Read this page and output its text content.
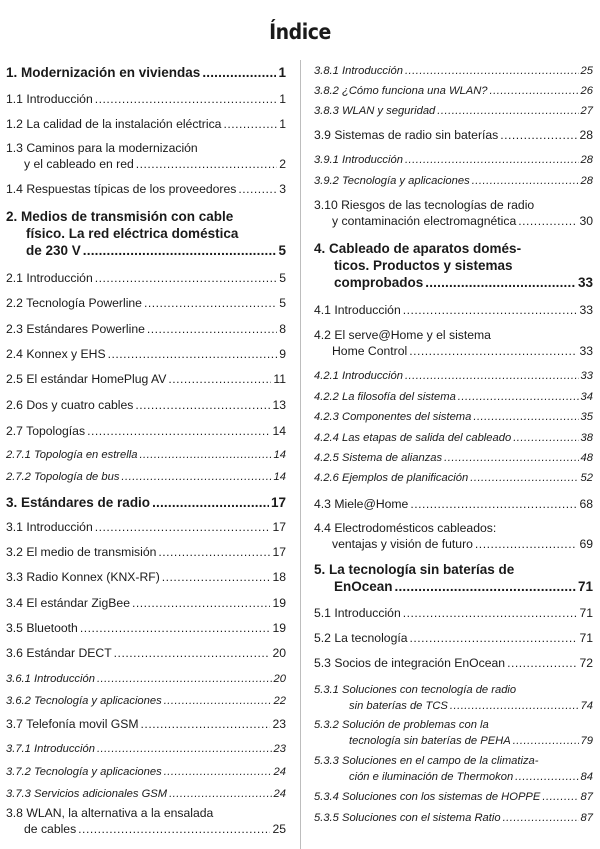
Índice
1. Modernización en viviendas .....	1
1.1 Introducción .....	1
1.2 La calidad de la instalación eléctrica .....	1
1.3 Caminos para la modernización
y el cableado en red .....	2
1.4 Respuestas típicas de los proveedores .....	3
2. Medios de transmisión con cable
físico. La red eléctrica doméstica
de 230 V .....	5
2.1 Introducción .....	5
2.2 Tecnología Powerline .....	5
2.3 Estándares Powerline .....	8
2.4 Konnex y EHS .....	9
2.5 El estándar HomePlug AV .....	11
2.6 Dos y cuatro cables .....	13
2.7 Topologías .....	14
2.7.1 Topología en estrella .....	14
2.7.2 Topología de bus .....	14
3. Estándares de radio .....	17
3.1 Introducción .....	17
3.2 El medio de transmisión .....	17
3.3 Radio Konnex (KNX-RF) .....	18
3.4 El estándar ZigBee .....	19
3.5 Bluetooth .....	19
3.6 Estándar DECT .....	20
3.6.1 Introducción .....	20
3.6.2 Tecnología y aplicaciones .....	22
3.7 Telefonía movil GSM .....	23
3.7.1 Introducción .....	23
3.7.2 Tecnología y aplicaciones .....	24
3.7.3 Servicios adicionales GSM .....	24
3.8 WLAN, la alternativa a la ensalada
de cables .....	25
3.8.1 Introducción .....	25
3.8.2 ¿Cómo funciona una WLAN? .....	26
3.8.3 WLAN y seguridad .....	27
3.9 Sistemas de radio sin baterías .....	28
3.9.1 Introducción .....	28
3.9.2 Tecnología y aplicaciones .....	28
3.10 Riesgos de las tecnologías de radio
y contaminación electromagnética .....	30
4. Cableado de aparatos domés-
ticos. Productos y sistemas
comprobados .....	33
4.1 Introducción .....	33
4.2 El serve@Home y el sistema
Home Control .....	33
4.2.1 Introducción .....	33
4.2.2 La filosofía del sistema .....	34
4.2.3 Componentes del sistema .....	35
4.2.4 Las etapas de salida del cableado .....	38
4.2.5 Sistema de alianzas .....	48
4.2.6 Ejemplos de planificación .....	52
4.3 Miele@Home .....	68
4.4 Electrodomésticos cableados:
ventajas y visión de futuro .....	69
5. La tecnología sin baterías de
EnOcean .....	71
5.1 Introducción .....	71
5.2 La tecnología .....	71
5.3 Socios de integración EnOcean .....	72
5.3.1 Soluciones con tecnología de radio
sin baterías de TCS .....	74
5.3.2 Solución de problemas con la
tecnología sin baterías de PEHA .....	79
5.3.3 Soluciones en el campo de la climatiza-
ción e iluminación de Thermokon .....	84
5.3.4 Soluciones con los sistemas de HOPPE .....	87
5.3.5 Soluciones con el sistema Ratio .....	87
